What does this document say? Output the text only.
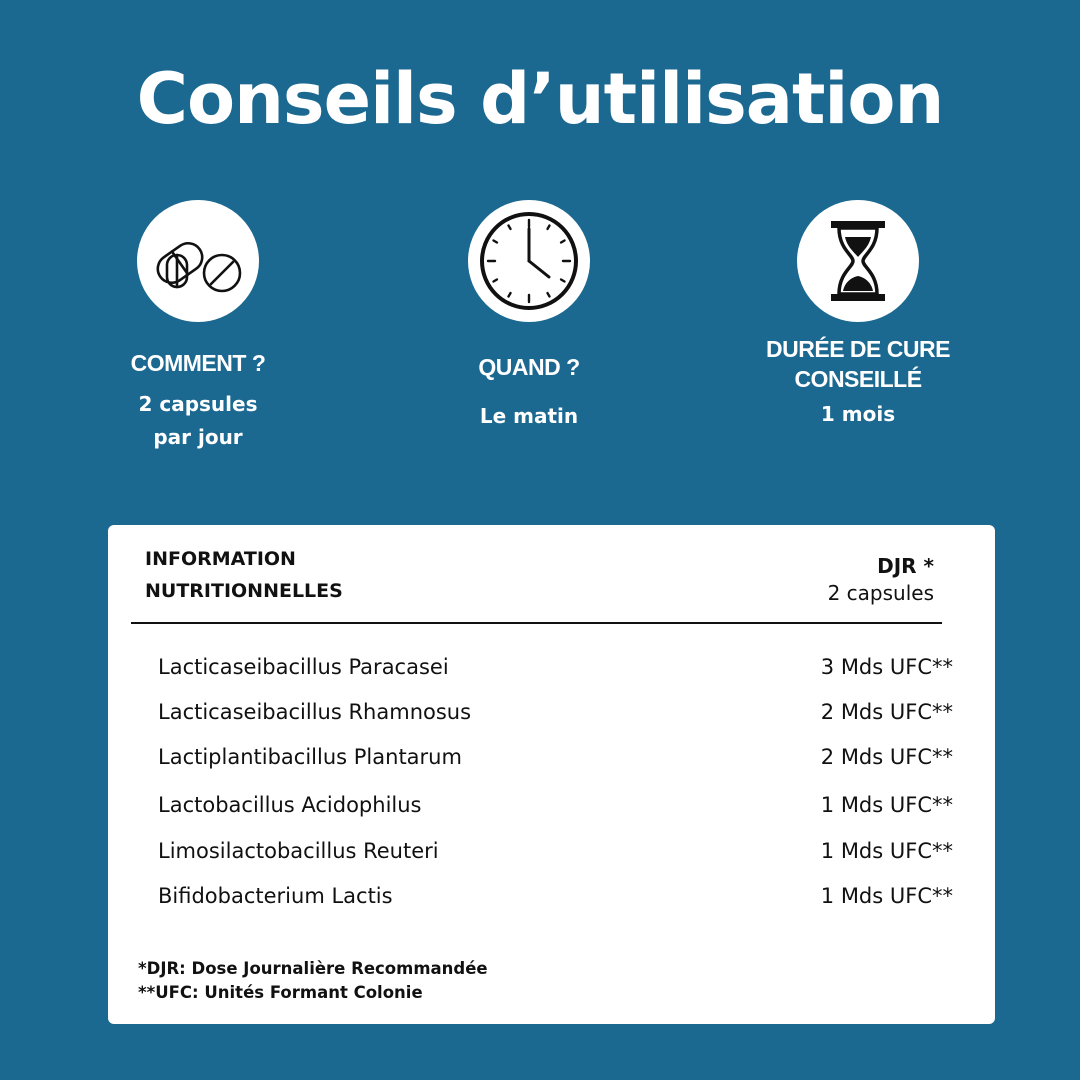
Conseils d’utilisation
COMMENT ?
2 capsules
par jour
QUAND ?
Le matin
DURÉE DE CURE
CONSEILLÉ
1 mois
INFORMATION
NUTRITIONNELLES
DJR *
2 capsules
Lacticaseibacillus Paracasei	3 Mds UFC**
Lacticaseibacillus Rhamnosus	2 Mds UFC**
Lactiplantibacillus Plantarum	2 Mds UFC**
Lactobacillus Acidophilus	1 Mds UFC**
Limosilactobacillus Reuteri	1 Mds UFC**
Bifidobacterium Lactis	1 Mds UFC**
*DJR: Dose Journalière Recommandée
**UFC: Unités Formant Colonie
